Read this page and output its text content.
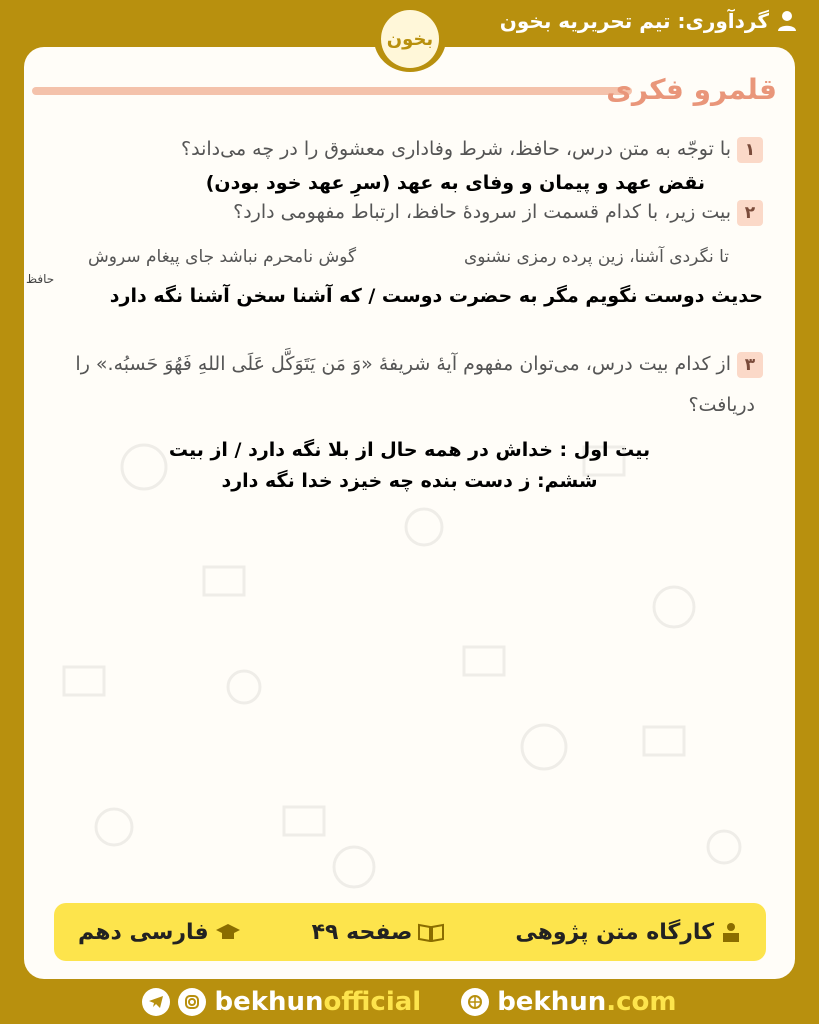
گردآوری: تیم تحریریه بخون
بخون
قلمرو فکری
۱با توجّه به متن درس، حافظ، شرط وفاداری معشوق را در چه می‌داند؟
نقض عهد و پیمان و وفای به عهد (سرِ عهد خود بودن)
۲بیت زیر، با کدام قسمت از سرودهٔ حافظ، ارتباط مفهومی دارد؟
تا نگردی آشنا، زین پرده رمزی نشنوی
گوش نامحرم نباشد جای پیغام سروش
حافظ
حدیث دوست نگویم مگر به حضرت دوست / که آشنا سخن آشنا نگه دارد
۳از کدام بیت درس، می‌توان مفهوم آیهٔ شریفهٔ «وَ مَن یَتَوَکَّل عَلَی اللهِ فَهُوَ حَسبُه.» را
دریافت؟
بیت اول : خداش در همه حال از بلا نگه دارد / از بیت
ششم: ز دست بنده چه خیزد خدا نگه دارد
کارگاه متن پژوهی
صفحه ۴۹
فارسی دهم
bekhunofficial	bekhun.com
